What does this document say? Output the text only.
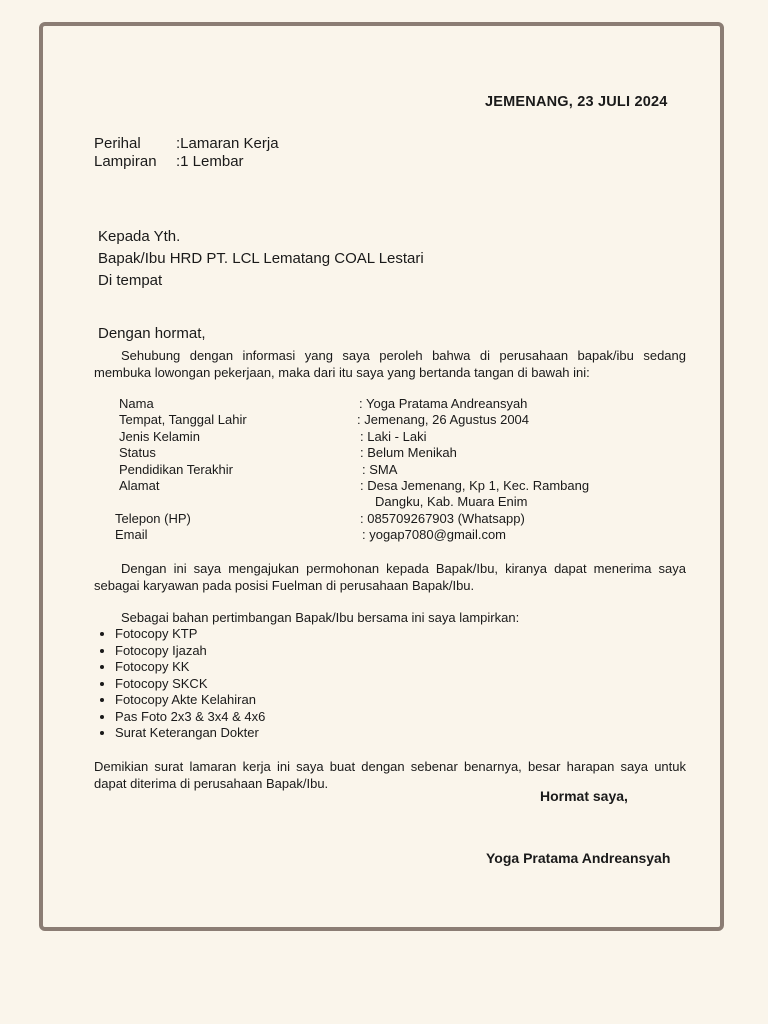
JEMENANG, 23 JULI 2024
Perihal :Lamaran Kerja
Lampiran :1 Lembar
Kepada Yth.
Bapak/Ibu HRD PT. LCL Lematang COAL Lestari
Di tempat
Dengan hormat,
Sehubung dengan informasi yang saya peroleh bahwa di perusahaan bapak/ibu sedang membuka lowongan pekerjaan, maka dari itu saya yang bertanda tangan di bawah ini:
Nama	: Yoga Pratama Andreansyah
Tempat, Tanggal Lahir	: Jemenang, 26 Agustus 2004
Jenis Kelamin	: Laki - Laki
Status	: Belum Menikah
Pendidikan Terakhir	: SMA
Alamat	: Desa Jemenang, Kp 1, Kec. Rambang
Dangku, Kab. Muara Enim
Telepon (HP)	: 085709267903 (Whatsapp)
Email	: yogap7080@gmail.com
Dengan ini saya mengajukan permohonan kepada Bapak/Ibu, kiranya dapat menerima saya sebagai karyawan pada posisi Fuelman di perusahaan Bapak/Ibu.
Sebagai bahan pertimbangan Bapak/Ibu bersama ini saya lampirkan:
• Fotocopy KTP
• Fotocopy Ijazah
• Fotocopy KK
• Fotocopy SKCK
• Fotocopy Akte Kelahiran
• Pas Foto 2x3 & 3x4 & 4x6
• Surat Keterangan Dokter
Demikian surat lamaran kerja ini saya buat dengan sebenar benarnya, besar harapan saya untuk dapat diterima di perusahaan Bapak/Ibu.
Hormat saya,
Yoga Pratama Andreansyah
